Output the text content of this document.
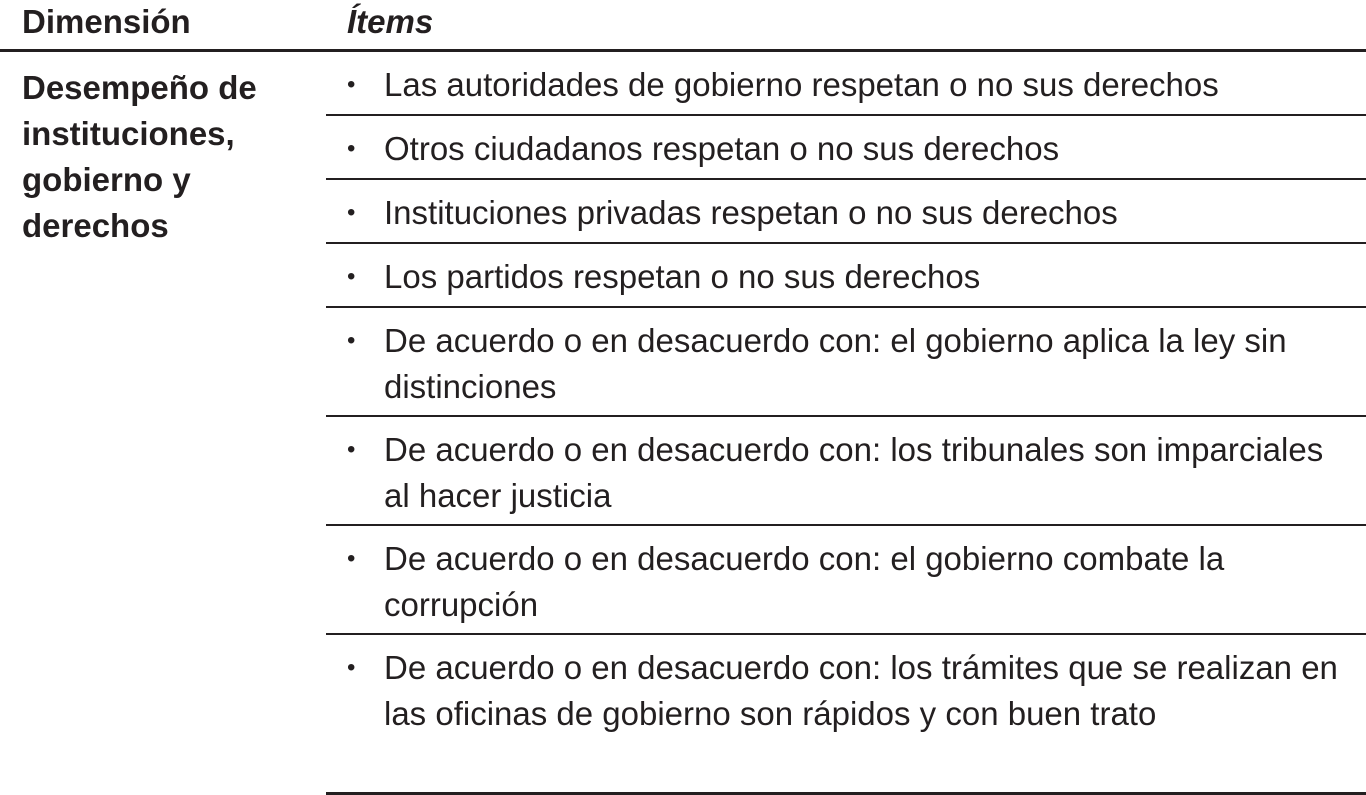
Dimensión	Ítems

Desempeño de instituciones, gobierno y derechos

• Las autoridades de gobierno respetan o no sus derechos
• Otros ciudadanos respetan o no sus derechos
• Instituciones privadas respetan o no sus derechos
• Los partidos respetan o no sus derechos
• De acuerdo o en desacuerdo con: el gobierno aplica la ley sin distinciones
• De acuerdo o en desacuerdo con: los tribunales son imparciales al hacer justicia
• De acuerdo o en desacuerdo con: el gobierno combate la corrupción
• De acuerdo o en desacuerdo con: los trámites que se realizan en las oficinas de gobierno son rápidos y con buen trato
